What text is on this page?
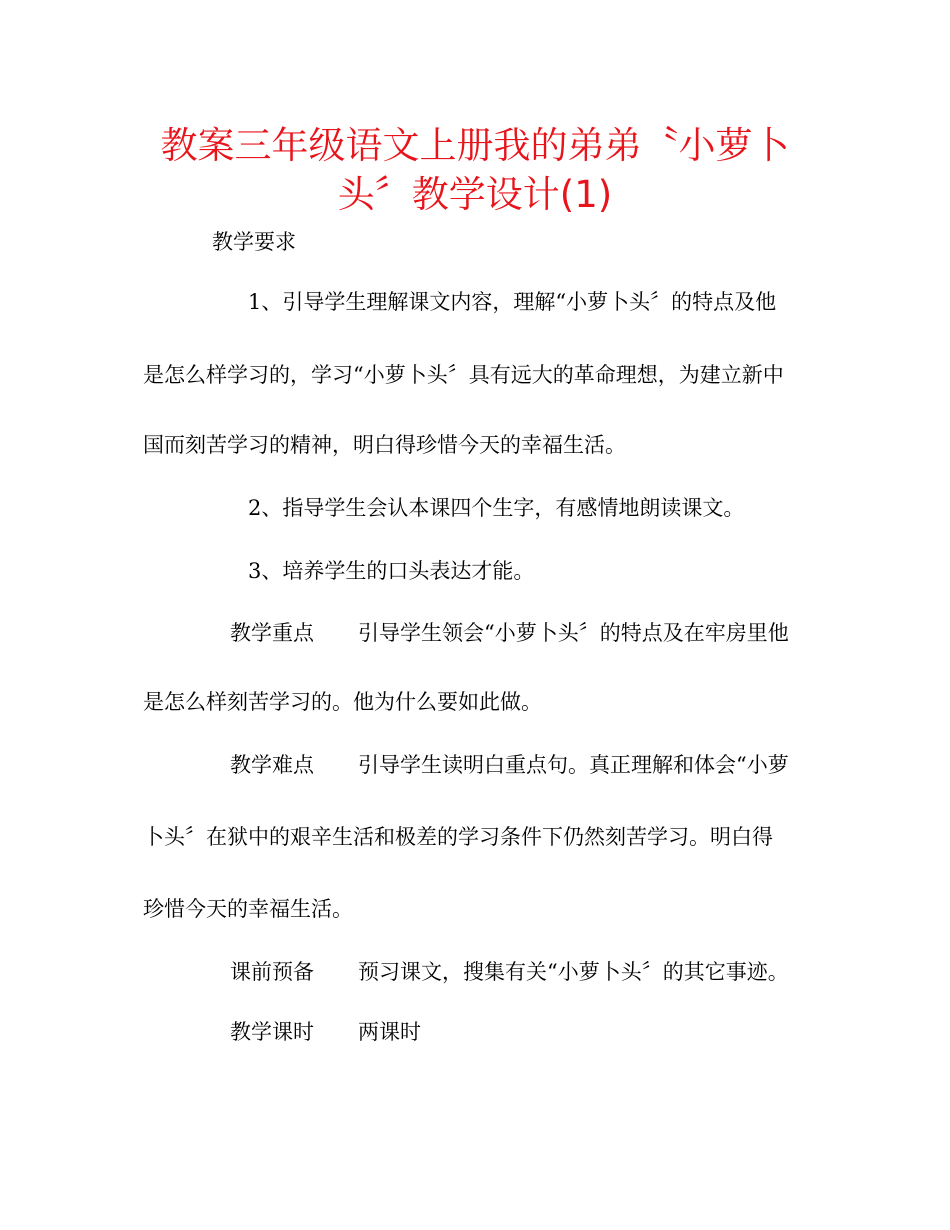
教案三年级语文上册我的弟弟〝小萝卜
头〞教学设计(1)

教学要求

1、引导学生理解课文内容，理解“小萝卜头〞的特点及他

是怎么样学习的，学习“小萝卜头〞具有远大的革命理想，为建立新中

国而刻苦学习的精神，明白得珍惜今天的幸福生活。

2、指导学生会认本课四个生字，有感情地朗读课文。

3、培养学生的口头表达才能。

教学重点 引导学生领会“小萝卜头〞的特点及在牢房里他

是怎么样刻苦学习的。他为什么要如此做。

教学难点 引导学生读明白重点句。真正理解和体会“小萝

卜头〞在狱中的艰辛生活和极差的学习条件下仍然刻苦学习。明白得

珍惜今天的幸福生活。

课前预备 预习课文，搜集有关“小萝卜头〞的其它事迹。

教学课时 两课时
